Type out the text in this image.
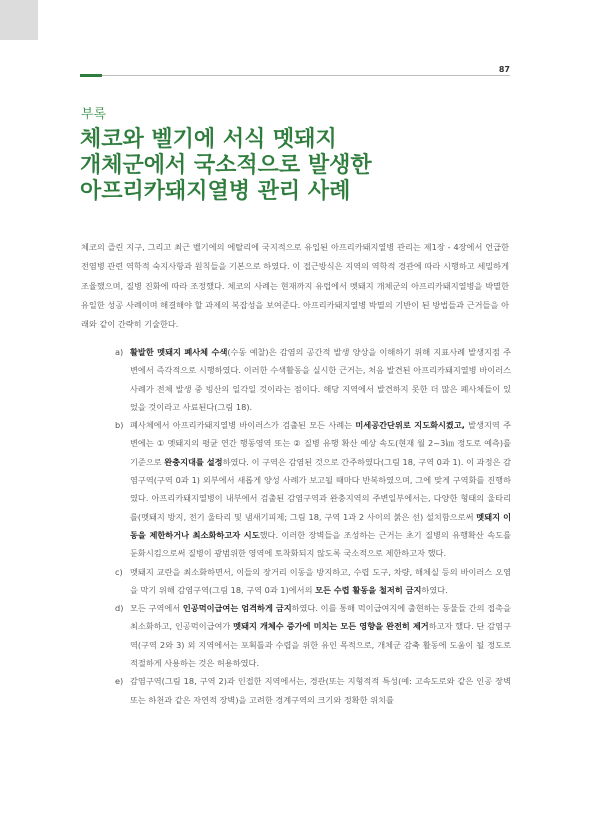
87
부록
체코와 벨기에 서식 멧돼지
개체군에서 국소적으로 발생한
아프리카돼지열병 관리 사례
체코의 즐린 지구, 그리고 최근 벨기에의 에탈리에 국지적으로 유입된 아프리카돼지열병 관리는 제1장 - 4장에서 언급한 전염병 관련 역학적 숙지사항과 원칙들을 기본으로 하였다. 이 접근방식은 지역의 역학적 경관에 따라 시행하고 세밀하게 조율했으며, 질병 진화에 따라 조정했다. 체코의 사례는 현재까지 유럽에서 멧돼지 개체군의 아프리카돼지열병을 박멸한 유일한 성공 사례이며 해결해야 할 과제의 복잡성을 보여준다. 아프리카돼지열병 박멸의 기반이 된 방법들과 근거들을 아래와 같이 간략히 기술한다.
a) 활발한 멧돼지 폐사체 수색(수동 예찰)은 감염의 공간적 발생 양상을 이해하기 위해 지표사례 발생지점 주변에서 즉각적으로 시행하였다. 이러한 수색활동을 실시한 근거는, 처음 발견된 아프리카돼지열병 바이러스 사례가 전체 발생 중 빙산의 일각일 것이라는 점이다. 해당 지역에서 발견하지 못한 더 많은 폐사체들이 있었을 것이라고 사료된다(그림 18).
b) 폐사체에서 아프리카돼지열병 바이러스가 검출된 모든 사례는 미세공간단위로 지도화시켰고, 발생지역 주변에는 ① 멧돼지의 평균 연간 행동영역 또는 ② 질병 유행 확산 예상 속도(현재 월 2~3㎞ 정도로 예측)를 기준으로 완충지대를 설정하였다. 이 구역은 감염된 것으로 간주하였다(그림 18, 구역 0과 1). 이 과정은 감염구역(구역 0과 1) 외부에서 새롭게 양성 사례가 보고될 때마다 반복하였으며, 그에 맞게 구역화를 진행하였다. 아프리카돼지열병이 내부에서 검출된 감염구역과 완충지역의 주변일부에서는, 다양한 형태의 울타리를(멧돼지 방지, 전기 울타리 및 냄새기피제; 그림 18, 구역 1과 2 사이의 붉은 선) 설치함으로써 멧돼지 이동을 제한하거나 최소화하고자 시도했다. 이러한 장벽들을 조성하는 근거는 초기 질병의 유행확산 속도를 둔화시킴으로써 질병이 광범위한 영역에 토착화되지 않도록 국소적으로 제한하고자 했다.
c) 멧돼지 교란을 최소화하면서, 이들의 장거리 이동을 방지하고, 수렵 도구, 차량, 해체실 등의 바이러스 오염을 막기 위해 감염구역(그림 18, 구역 0과 1)에서의 모든 수렵 활동을 철저히 금지하였다.
d) 모든 구역에서 인공먹이급여는 엄격하게 금지하였다. 이를 통해 먹이급여지에 출현하는 동물들 간의 접촉을 최소화하고, 인공먹이급여가 멧돼지 개체수 증가에 미치는 모든 영향을 완전히 제거하고자 했다. 단 감염구역(구역 2와 3) 외 지역에서는 포획틀과 수렵을 위한 유인 목적으로, 개체군 감축 활동에 도움이 될 정도로 적절하게 사용하는 것은 허용하였다.
e) 감염구역(그림 18, 구역 2)과 인접한 지역에서는, 경관(또는 지형적적 특성(예: 고속도로와 같은 인공 장벽 또는 하천과 같은 자연적 장벽)을 고려한 경계구역의 크기와 정확한 위치를
